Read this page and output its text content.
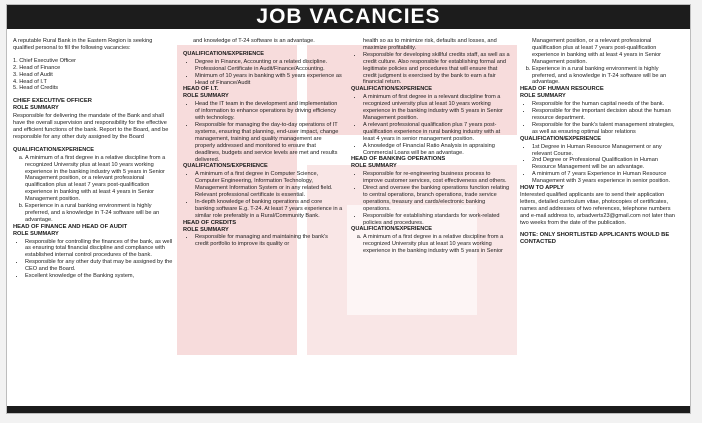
JOB VACANCIES

A reputable Rural Bank in the Eastern Region is seeking qualified personal to fill the following vacancies:

1. Chief Executive Officer
2. Head of Finance
3. Head of Audit
4. Head of I.T
5. Head of Credits
CHIEF EXECUTIVE OFFICER
ROLE SUMMARY

Responsible for delivering the mandate of the Bank and shall have the overall supervision and responsibility for the effective and efficient functions of the bank. Report to the Board, and be responsible for any other duty assigned by the Board

QUALIFICATION/EXPERIENCE
a. A minimum of a first degree in a relative discipline from a recognized University plus at least 10 years working experience in the banking industry with 5 years in Senior Management position, or a relevant professional qualification plus at least 7 years post-qualification experience in banking with at least 4 years in Senior Management position.
b. Experience in a rural banking environment is highly preferred, and a knowledge in T-24 software will be an advantage.
HEAD OF FINANCE AND HEAD OF AUDIT
ROLE SUMMARY
• Responsible for controlling the finances of the bank, as well as ensuring total financial discipline and compliance with established internal control procedures of the bank.
• Responsible for any other duty that may be assigned by the CEO and the Board.
• Excellent knowledge of the Banking system,

and knowledge of T-24 software is an advantage.

QUALIFICATION/EXPERIENCE
• Degree in Finance, Accounting or a related discipline. Professional Certificate in Audit/Finance/Accounting.
• Minimum of 10 years in banking with 5 years experience as Head of Finance/Audit
HEAD OF I.T.
ROLE SUMMARY
• Head the IT team in the development and implementation of information to enhance operations by driving efficiency with technology.
• Responsible for managing the day-to-day operations of IT systems, ensuring that planning, end-user impact, change management, training and quality management are properly addressed and monitored to ensure that deadlines, budgets and service levels are met and results delivered.
QUALIFICATIONS/EXPERIENCE
• A minimum of a first degree in Computer Science, Computer Engineering, Information Technology, Management Information System or in any related field. Relevant professional certificate is essential.
• In-depth knowledge of banking operations and core banking software E.g. T-24. At least 7 years experience in a similar role preferably in a Rural/Community Bank.
HEAD OF CREDITS
ROLE SUMMARY
• Responsible for managing and maintaining the bank's credit portfolio to improve its quality or
health so as to minimize risk, defaults and losses, and maximize profitability.
• Responsible for developing skillful credits staff, as well as a credit culture. Also responsible for establishing formal and legitimate policies and procedures that will ensure that credit judgment is exercised by the bank to earn a fair financial return.
QUALIFICATION/EXPERIENCE
• A minimum of first degree in a relevant discipline from a recognized university plus at least 10 years working experience in the banking industry with 5 years in Senior Management position.
• A relevant professional qualification plus 7 years post-qualification experience in rural banking industry with at least 4 years in senior management position.
• A knowledge of Financial Ratio Analysis in appraising Commercial Loans will be an advantage.
HEAD OF BANKING OPERATIONS
ROLE SUMMARY
• Responsible for re-engineering business process to improve customer services, cost effectiveness and others.
• Direct and oversee the banking operations function relating to central operations, branch operations, trade service operations, treasury and cards/electronic banking operations.
• Responsible for establishing standards for work-related policies and procedures.
QUALIFICATION/EXPERIENCE
a. A minimum of a first degree in a relative discipline from a recognized University plus at least 10 years working experience in the banking industry with 5 years in Senior
Management position, or a relevant professional qualification plus at least 7 years post-qualification experience in banking with at least 4 years in Senior Management position.
b. Experience in a rural banking environment is highly preferred, and a knowledge in T-24 software will be an advantage.
HEAD OF HUMAN RESOURCE
ROLE SUMMARY
• Responsible for the human capital needs of the bank.
• Responsible for the important decision about the human resource department.
• Responsible for the bank's talent management strategies, as well as ensuring optimal labor relations
QUALIFICATION/EXPERIENCE
• 1st Degree in Human Resource Management or any relevant Course.
• 2nd Degree or Professional Qualification in Human Resource Management will be an advantage.
• A minimum of 7 years Experience in Human Resource Management with 3 years experience in senior position.
HOW TO APPLY

Interested qualified applicants are to send their application letters, detailed curriculum vitae, photocopies of certificates, names and addresses of two references, telephone numbers and e-mail address to, arbadverts23@gmail.com not later than two weeks from the date of the publication.

NOTE: ONLY SHORTLISTED APPLICANTS WOULD BE CONTACTED
